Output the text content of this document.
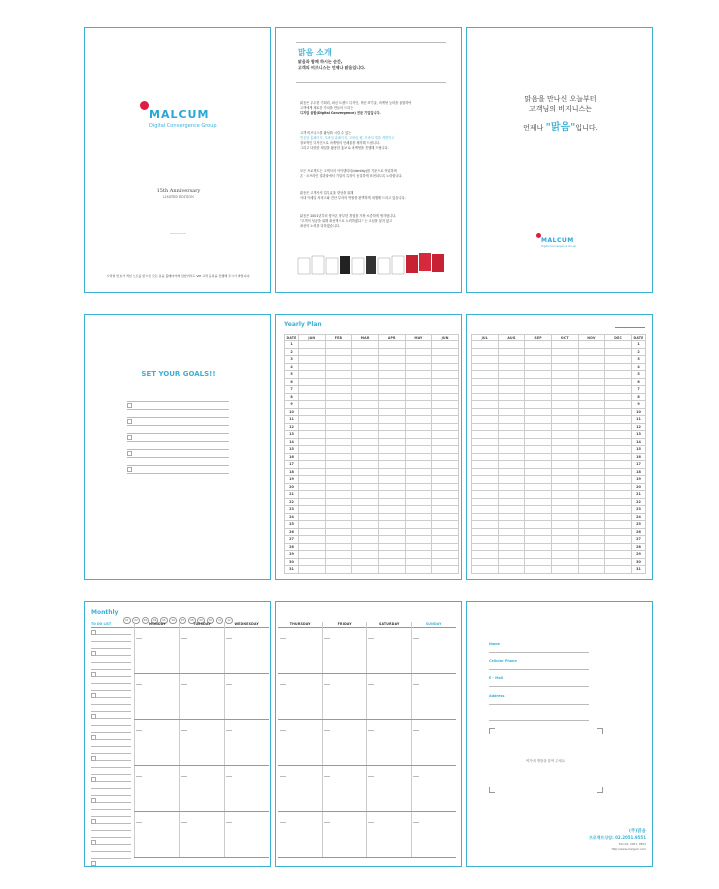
MALCUM
Digital Convergence Group
15th Anniversary
LIMITED EDITION
시리얼 번호가 적힌 노트를 받으신 모든 분을 홀베타카에 담았어서드 VIP 고객 등록을 진행해 주시기 바랍니다.
맑음 소개
맑음과 함께 하시는 순간,
고객의 비즈니스는 언제나 맑음입니다.
맑음은 우수한 기획력, 최신 트렌드 디자인, 혁신 IT기술, 마케팅 능력을 융합하여
고객에게 새로운 가치를 만들어 드리는
디지털 융합(Digital Convergence) 전문 기업입니다.
고객 비즈니스를 활성화 시킬 수 있는
반응형 홈페이지, 모바일 홈페이지, 모바일 웹, 모바일 앱을 개발하고
창조적인 디자인으로 마케팅의 인쇄물을 제작해 드립니다.
그리고 다양한 채널을 활용한 홍보 & 마케팅을 진행해 드립니다.
모든 프로젝트는 고객사의 아이덴티티(Identity)를 기준으로 작업하며
온 · 오프라인 결과물에서 기업의 특징이 동질하게 표현되도록 노력합니다.
맑음은 고객사의 업무효율 향상을 위해
사내 이메일 서비스와 전산 부서의 역할을 완벽하게 대행해 드리고 있습니다.
맑음은 2001년부터 쌓아온 풍부한 경험을 가장 소중하게 생각합니다.
"고객의 성공을 위해 최선책으로 노력하겠다." 는 초심을 잃지 않고
최선의 노력을 다하겠습니다.
맑음을 만나신 오늘부터
고객님의 비지니스는
언제나 "맑음"입니다.
MALCUM
Digital Convergence Group
SET YOUR GOALS!!
Yearly Plan
DATE	JAN	FEB	MAR	APR	MAY	JUN
1						
2						
3						
4						
5						
6						
7						
8						
9						
10						
11						
12						
13						
14						
15						
16						
17						
18						
19						
20						
21						
22						
23						
24						
25						
26						
27						
28						
29						
30						
31						
JUL	AUG	SEP	OCT	NOV	DEC	DATE
						1
						2
						3
						4
						5
						6
						7
						8
						9
						10
						11
						12
						13
						14
						15
						16
						17
						18
						19
						20
						21
						22
						23
						24
						25
						26
						27
						28
						29
						30
						31
Monthly
01 02 03 04 05 06 07 08 09 10 11 12
TO DO LIST	MONDAY	TUESDAY	WEDNESDAY	THURSDAY	FRIDAY	SATURDAY	SUNDAY
Name
Cellular Phone
E - Mail
Address
여기에 명함을 붙여 주세요
(주)맑음
프로젝트상담: 02.2051.9551
Fax.02. 2051. 9552
http://www.malgum.com
